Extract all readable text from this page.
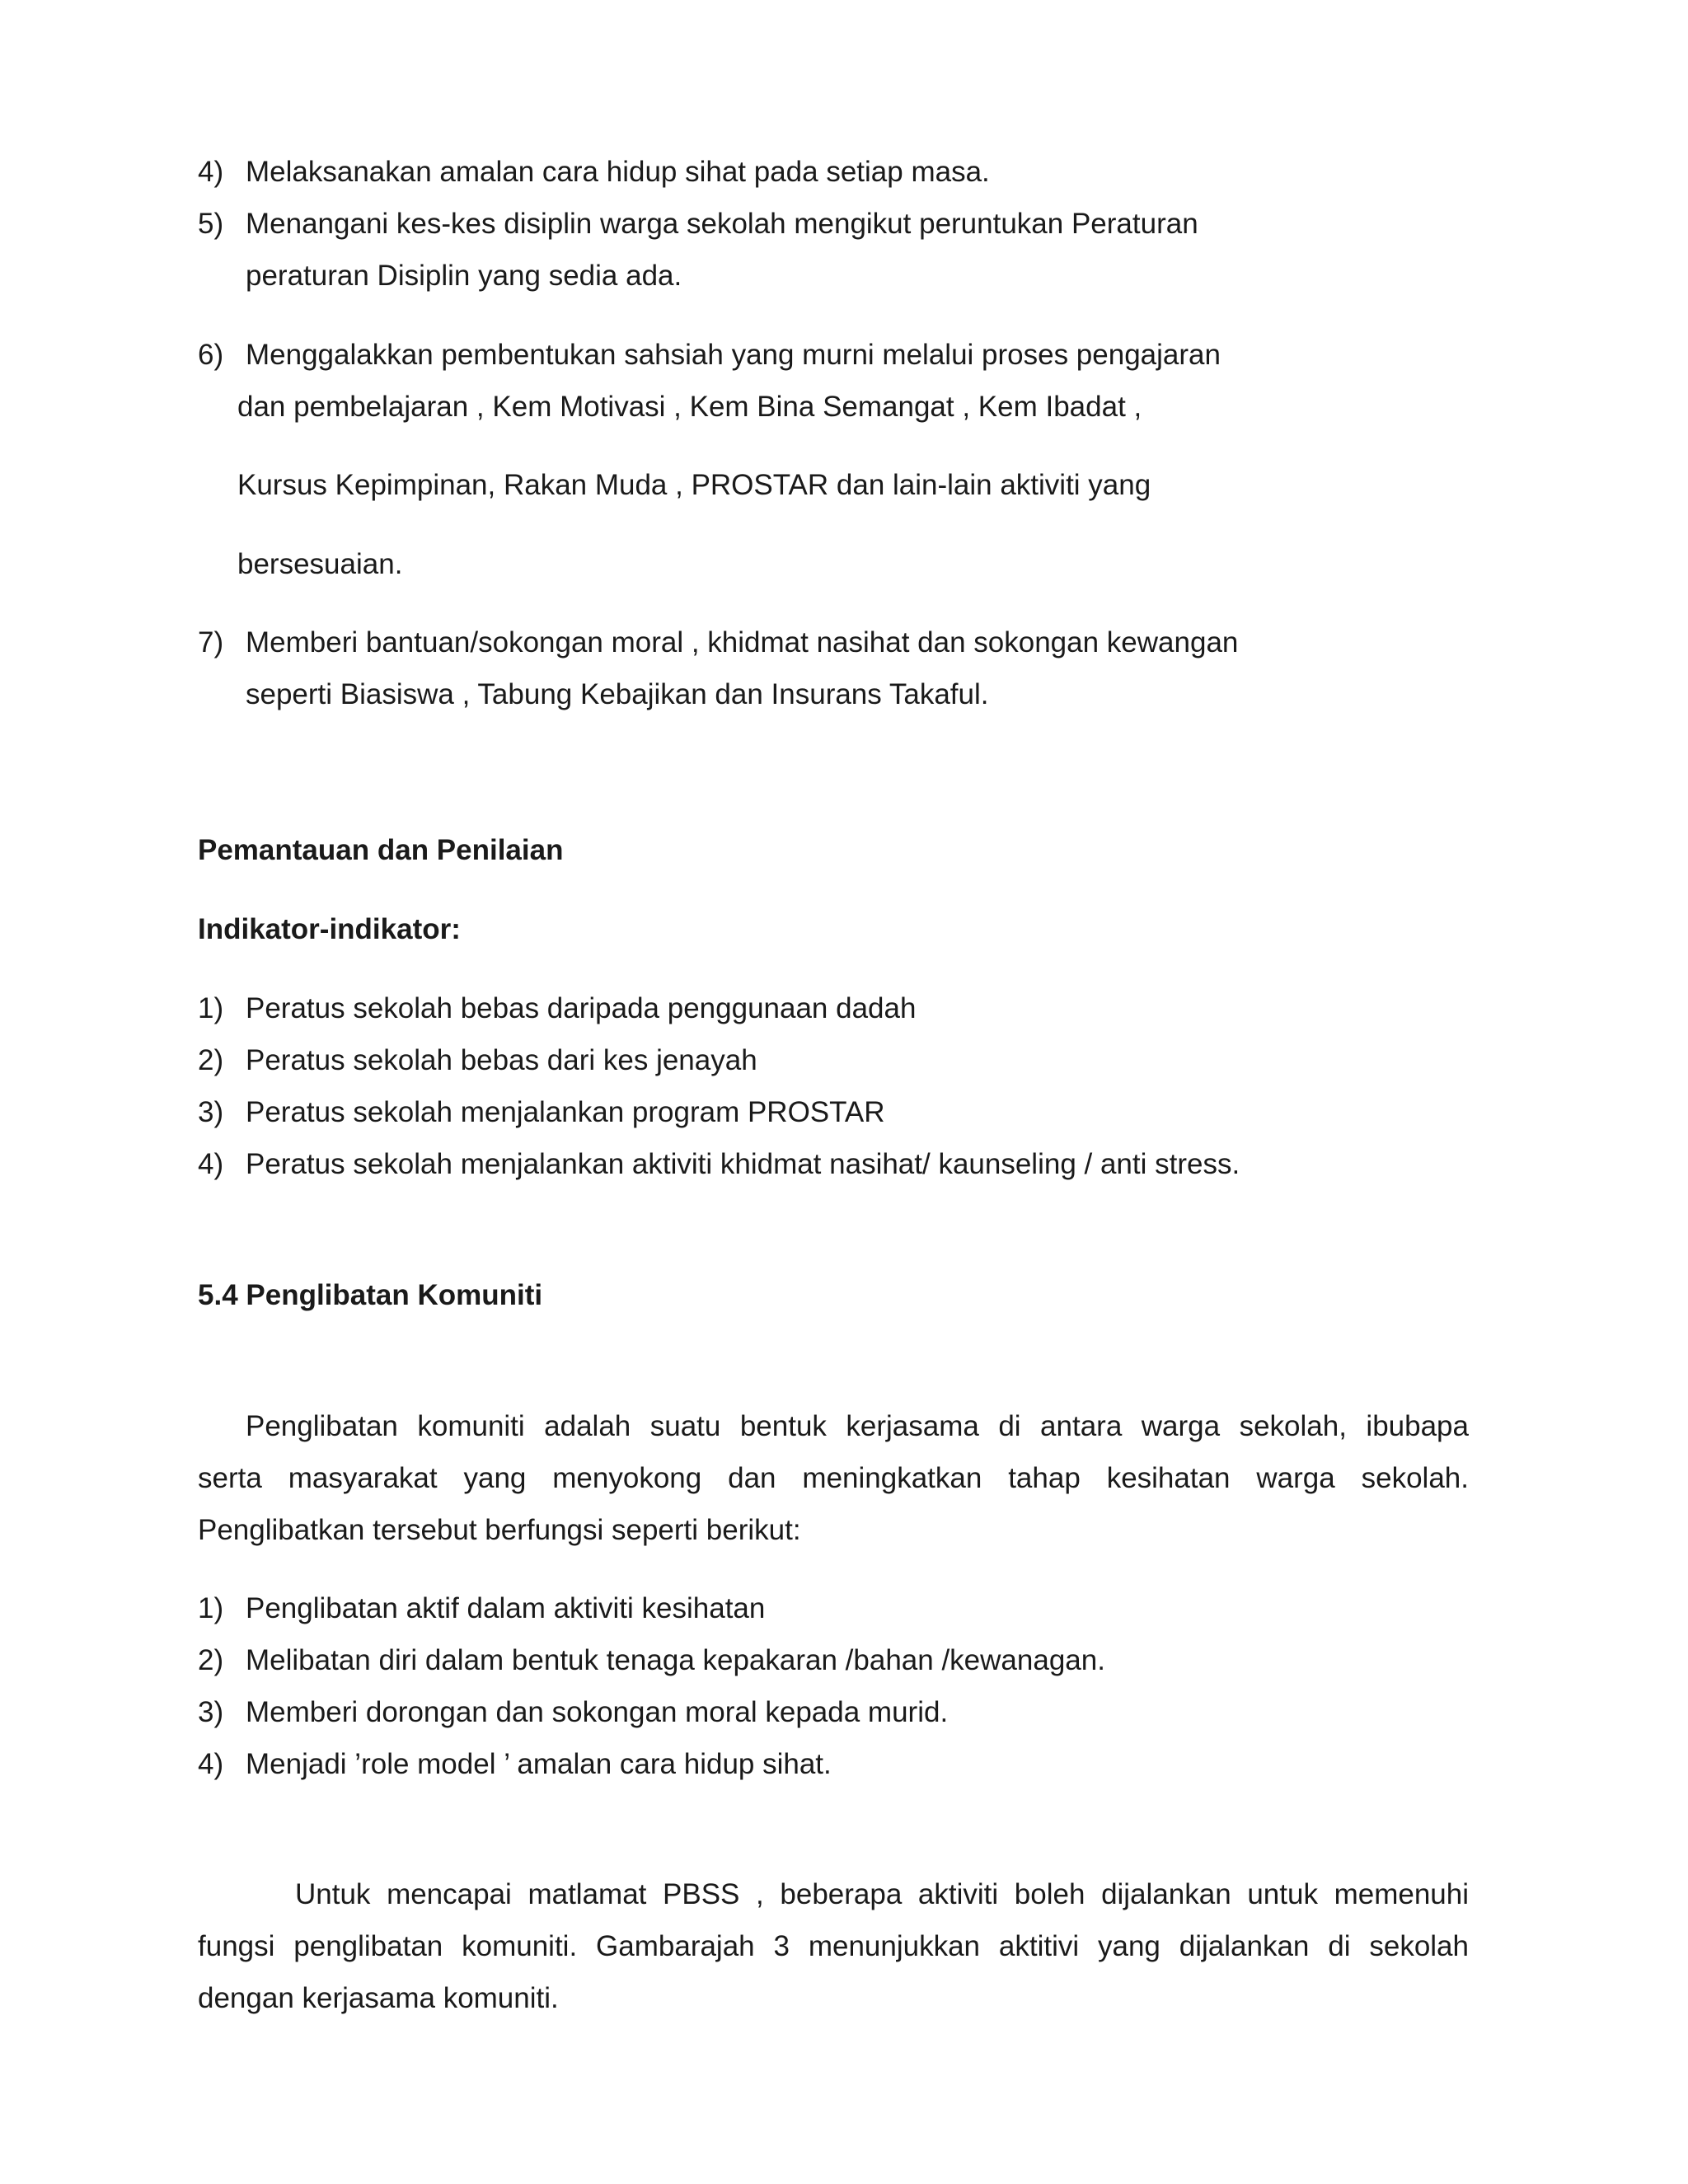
4) Melaksanakan amalan cara hidup sihat pada setiap masa.
5) Menangani kes-kes disiplin warga sekolah mengikut peruntukan Peraturan
peraturan Disiplin yang sedia ada.
6) Menggalakkan pembentukan sahsiah yang murni melalui proses pengajaran
dan pembelajaran , Kem Motivasi , Kem Bina Semangat , Kem Ibadat ,
Kursus Kepimpinan, Rakan Muda , PROSTAR dan lain-lain aktiviti yang
bersesuaian.
7) Memberi bantuan/sokongan moral , khidmat nasihat dan sokongan kewangan
seperti Biasiswa , Tabung Kebajikan dan Insurans Takaful.
Pemantauan dan Penilaian
Indikator-indikator:
1) Peratus sekolah bebas daripada penggunaan dadah
2) Peratus sekolah bebas dari kes jenayah
3) Peratus sekolah menjalankan program PROSTAR
4) Peratus sekolah menjalankan aktiviti khidmat nasihat/ kaunseling / anti stress.
5.4 Penglibatan Komuniti
Penglibatan komuniti adalah suatu bentuk kerjasama di antara warga sekolah, ibubapa
serta masyarakat yang menyokong dan meningkatkan tahap kesihatan warga sekolah.
Penglibatkan tersebut berfungsi seperti berikut:
1) Penglibatan aktif dalam aktiviti kesihatan
2) Melibatan diri dalam bentuk tenaga kepakaran /bahan /kewanagan.
3) Memberi dorongan dan sokongan moral kepada murid.
4) Menjadi ’role model ’ amalan cara hidup sihat.
Untuk mencapai matlamat PBSS , beberapa aktiviti boleh dijalankan untuk memenuhi
fungsi penglibatan komuniti. Gambarajah 3 menunjukkan aktitivi yang dijalankan di sekolah
dengan kerjasama komuniti.
